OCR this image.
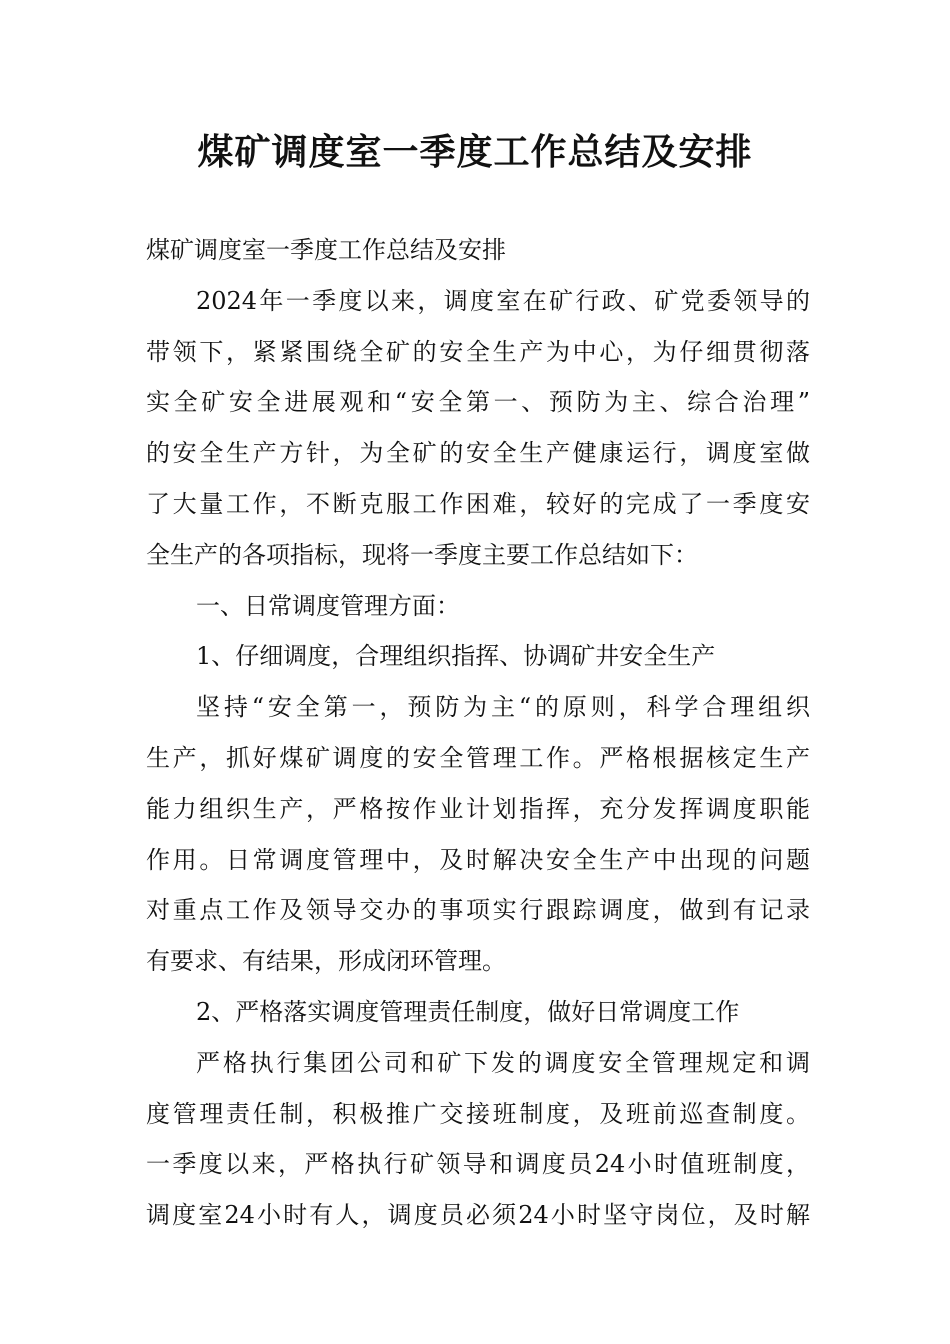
煤矿调度室一季度工作总结及安排
煤矿调度室一季度工作总结及安排
2024年一季度以来，调度室在矿行政、矿党委领导的
带领下，紧紧围绕全矿的安全生产为中心，为仔细贯彻落
实全矿安全进展观和“安全第一、预防为主、综合治理”
的安全生产方针，为全矿的安全生产健康运行，调度室做
了大量工作，不断克服工作困难，较好的完成了一季度安
全生产的各项指标，现将一季度主要工作总结如下：
一、日常调度管理方面：
1、仔细调度，合理组织指挥、协调矿井安全生产
坚持“安全第一，预防为主“的原则，科学合理组织
生产，抓好煤矿调度的安全管理工作。严格根据核定生产
能力组织生产，严格按作业计划指挥，充分发挥调度职能
作用。日常调度管理中，及时解决安全生产中出现的问题
对重点工作及领导交办的事项实行跟踪调度，做到有记录
有要求、有结果，形成闭环管理。
2、严格落实调度管理责任制度，做好日常调度工作
严格执行集团公司和矿下发的调度安全管理规定和调
度管理责任制，积极推广交接班制度，及班前巡查制度。
一季度以来，严格执行矿领导和调度员24小时值班制度，
调度室24小时有人，调度员必须24小时坚守岗位，及时解
